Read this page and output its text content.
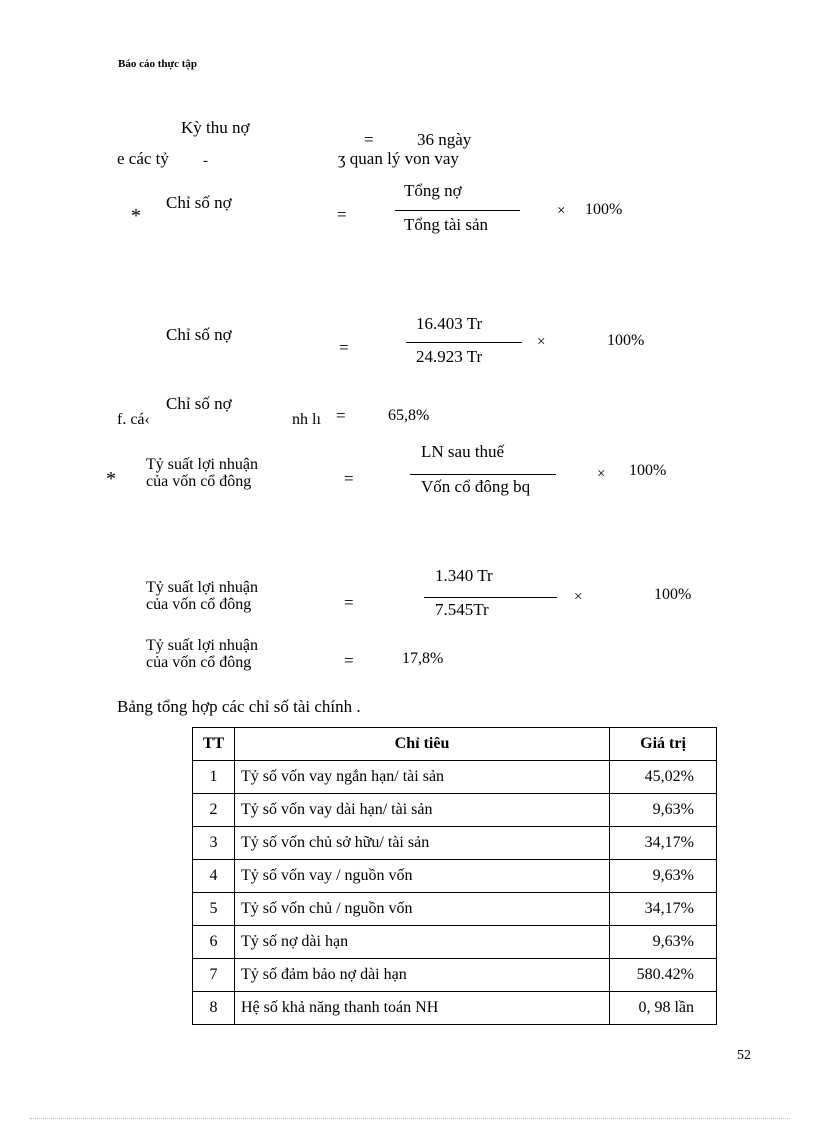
Báo cáo thực tập
Kỳ thu nợ
=	36 ngày
e các tỷ -	ʒ quan lý von vay
*
Chỉ số nợ
=
Tổng nợ
Tổng tài sản
× 100%
Chỉ số nợ
=
16.403 Tr
24.923 Tr
×	100%
Chỉ số nợ
f. cá‹	nh lı =	65,8%
*
Tỷ suất lợi nhuận
của vốn cổ đông	=
LN sau thuế
Vốn cổ đông bq
× 100%
Tỷ suất lợi nhuận
của vốn cổ đông	=
1.340 Tr
7.545Tr
×	100%
Tỷ suất lợi nhuận
của vốn cổ đông	=	17,8%
Bảng tổng hợp các chỉ số tài chính .
TT	Chỉ tiêu	Giá trị
1	Tỷ số vốn vay ngắn hạn/ tài sản	45,02%
2	Tỷ số vốn vay dài hạn/ tài sản	9,63%
3	Tỷ số vốn chủ sở hữu/ tài sản	34,17%
4	Tỷ số vốn vay / nguồn vốn	9,63%
5	Tỷ số vốn chủ / nguồn vốn	34,17%
6	Tỷ số nợ dài hạn	9,63%
7	Tỷ số đảm bảo nợ dài hạn	580.42%
8	Hệ số khả năng thanh toán NH	0, 98 lần
52
